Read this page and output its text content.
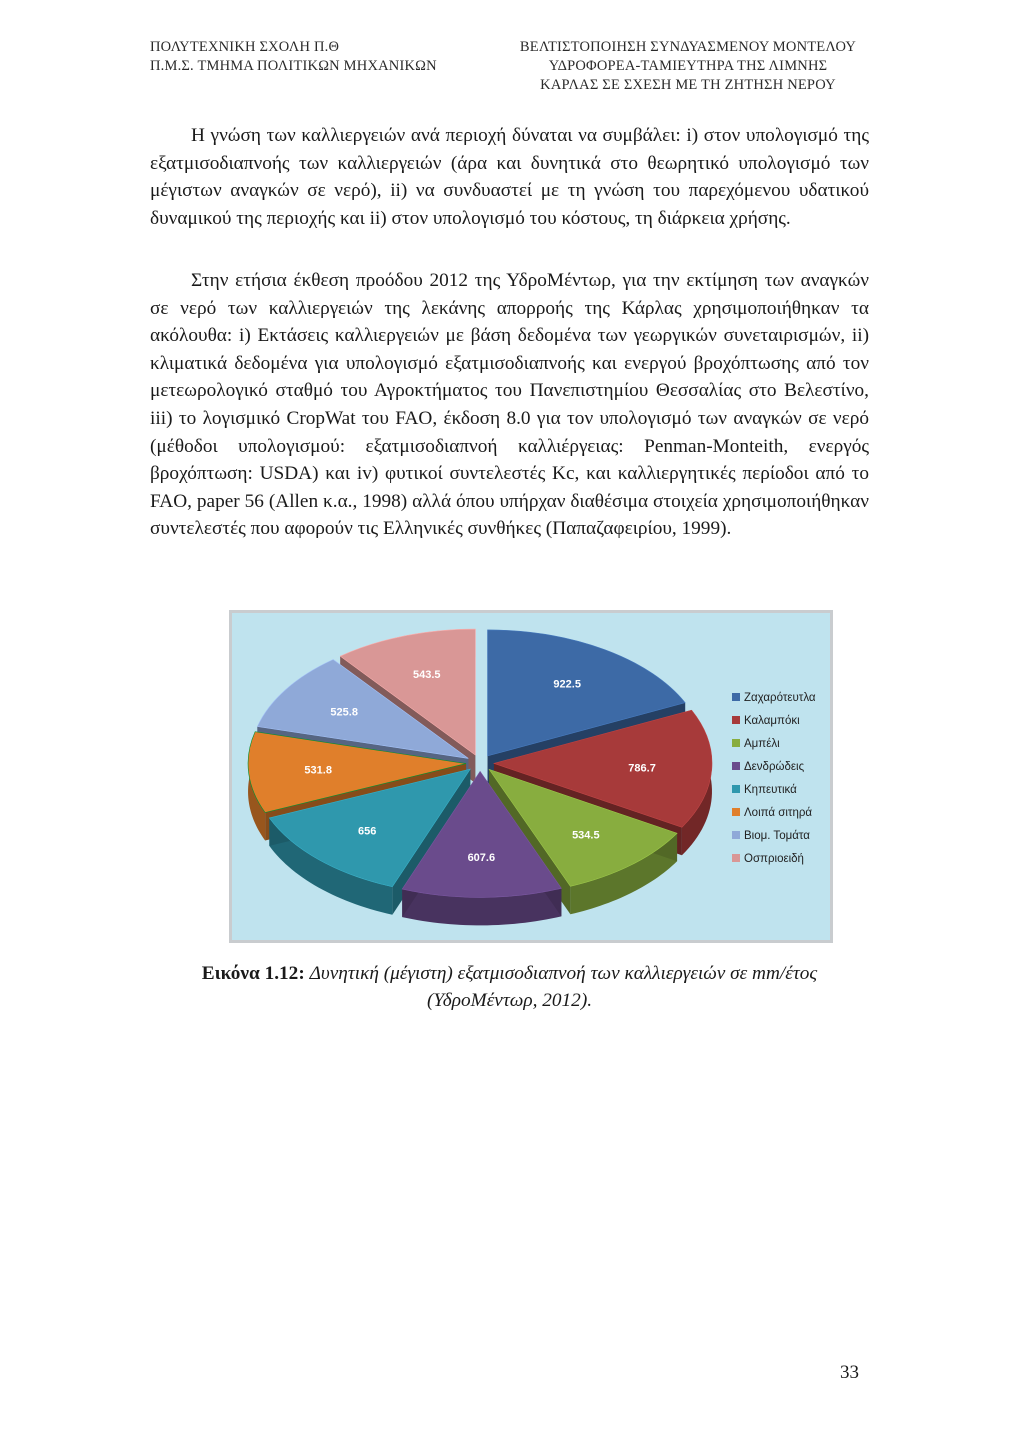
ΠΟΛΥΤΕΧΝΙΚΗ ΣΧΟΛΗ Π.Θ
Π.Μ.Σ. ΤΜΗΜΑ ΠΟΛΙΤΙΚΩΝ ΜΗΧΑΝΙΚΩΝ
ΒΕΛΤΙΣΤΟΠΟΙΗΣΗ ΣΥΝΔΥΑΣΜΕΝΟΥ ΜΟΝΤΕΛΟΥ
ΥΔΡΟΦΟΡΕΑ-ΤΑΜΙΕΥΤΗΡΑ ΤΗΣ ΛΙΜΝΗΣ
ΚΑΡΛΑΣ ΣΕ ΣΧΕΣΗ ΜΕ ΤΗ ΖΗΤΗΣΗ ΝΕΡΟΥ

Η γνώση των καλλιεργειών ανά περιοχή δύναται να συμβάλει: i) στον υπολογισμό της εξατμισοδιαπνοής των καλλιεργειών (άρα και δυνητικά στο θεωρητικό υπολογισμό των μέγιστων αναγκών σε νερό), ii) να συνδυαστεί με τη γνώση του παρεχόμενου υδατικού δυναμικού της περιοχής και ii) στον υπολογισμό του κόστους, τη διάρκεια χρήσης.

Στην ετήσια έκθεση προόδου 2012 της ΥδροΜέντωρ, για την εκτίμηση των αναγκών σε νερό των καλλιεργειών της λεκάνης απορροής της Κάρλας χρησιμοποιήθηκαν τα ακόλουθα: i) Εκτάσεις καλλιεργειών με βάση δεδομένα των γεωργικών συνεταιρισμών, ii) κλιματικά δεδομένα για υπολογισμό εξατμισοδιαπνοής και ενεργού βροχόπτωσης από τον μετεωρολογικό σταθμό του Αγροκτήματος του Πανεπιστημίου Θεσσαλίας στο Βελεστίνο, iii) το λογισμικό CropWat του FAO, έκδοση 8.0 για τον υπολογισμό των αναγκών σε νερό (μέθοδοι υπολογισμού: εξατμισοδιαπνοή καλλιέργειας: Penman-Monteith, ενεργός βροχόπτωση: USDA) και iv) φυτικοί συντελεστές Kc, και καλλιεργητικές περίοδοι από το FAO, paper 56 (Allen κ.α., 1998) αλλά όπου υπήρχαν διαθέσιμα στοιχεία χρησιμοποιήθηκαν συντελεστές που αφορούν τις Ελληνικές συνθήκες (Παπαζαφειρίου, 1999).

922.5
786.7
534.5
607.6
656
531.8
525.8
543.5
Ζαχαρότευτλα
Καλαμπόκι
Αμπέλι
Δενδρώδεις
Κηπευτικά
Λοιπά σιτηρά
Βιομ. Τομάτα
Οσπριοειδή
Εικόνα 1.12: Δυνητική (μέγιστη) εξατμισοδιαπνοή των καλλιεργειών σε mm/έτος (ΥδροΜέντωρ, 2012).
33
